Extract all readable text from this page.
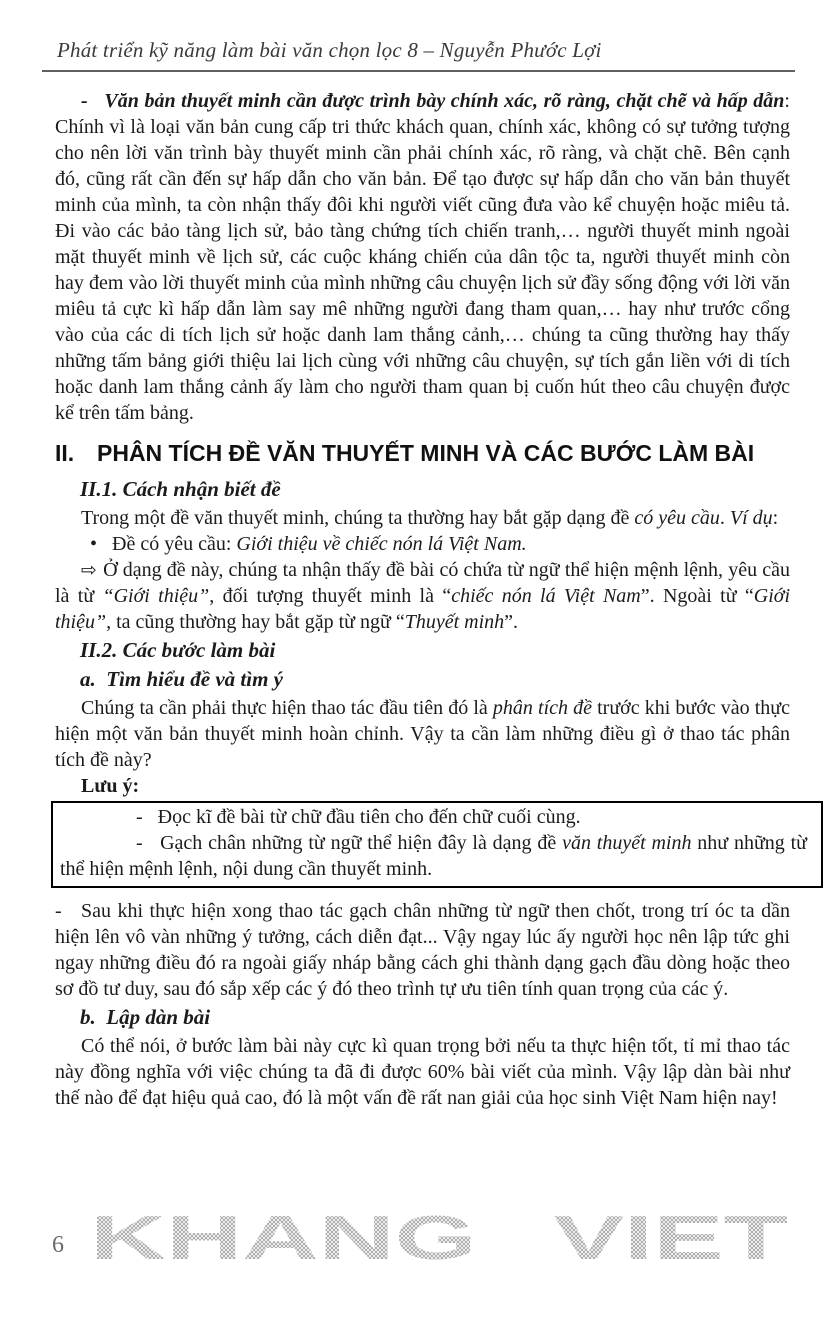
Phát triển kỹ năng làm bài văn chọn lọc 8 – Nguyễn Phước Lợi

-   Văn bản thuyết minh cần được trình bày chính xác, rõ ràng, chặt chẽ và hấp dẫn: Chính vì là loại văn bản cung cấp tri thức khách quan, chính xác, không có sự tưởng tượng cho nên lời văn trình bày thuyết minh cần phải chính xác, rõ ràng, và chặt chẽ. Bên cạnh đó, cũng rất cần đến sự hấp dẫn cho văn bản. Để tạo được sự hấp dẫn cho văn bản thuyết minh của mình, ta còn nhận thấy đôi khi người viết cũng đưa vào kể chuyện hoặc miêu tả. Đi vào các bảo tàng lịch sử, bảo tàng chứng tích chiến tranh,… người thuyết minh ngoài mặt thuyết minh về lịch sử, các cuộc kháng chiến của dân tộc ta, người thuyết minh còn hay đem vào lời thuyết minh của mình những câu chuyện lịch sử đầy sống động với lời văn miêu tả cực kì hấp dẫn làm say mê những người đang tham quan,… hay như trước cổng vào của các di tích lịch sử hoặc danh lam thắng cảnh,… chúng ta cũng thường hay thấy những tấm bảng giới thiệu lai lịch cùng với những câu chuyện, sự tích gắn liền với di tích hoặc danh lam thắng cảnh ấy làm cho người tham quan bị cuốn hút theo câu chuyện được kể trên tấm bảng.

II. PHÂN TÍCH ĐỀ VĂN THUYẾT MINH VÀ CÁC BƯỚC LÀM BÀI
II.1. Cách nhận biết đề

Trong một đề văn thuyết minh, chúng ta thường hay bắt gặp dạng đề có yêu cầu. Ví dụ:

•   Đề có yêu cầu: Giới thiệu về chiếc nón lá Việt Nam.

⇨ Ở dạng đề này, chúng ta nhận thấy đề bài có chứa từ ngữ thể hiện mệnh lệnh, yêu cầu là từ “Giới thiệu”, đối tượng thuyết minh là “chiếc nón lá Việt Nam”. Ngoài từ “Giới thiệu”, ta cũng thường hay bắt gặp từ ngữ “Thuyết minh”.

II.2. Các bước làm bài
a.  Tìm hiểu đề và tìm ý

Chúng ta cần phải thực hiện thao tác đầu tiên đó là phân tích đề trước khi bước vào thực hiện một văn bản thuyết minh hoàn chỉnh. Vậy ta cần làm những điều gì ở thao tác phân tích đề này?

Lưu ý:

-   Đọc kĩ đề bài từ chữ đầu tiên cho đến chữ cuối cùng.

-   Gạch chân những từ ngữ thể hiện đây là dạng đề văn thuyết minh như những từ thể hiện mệnh lệnh, nội dung cần thuyết minh.

-   Sau khi thực hiện xong thao tác gạch chân những từ ngữ then chốt, trong trí óc ta dần hiện lên vô vàn những ý tưởng, cách diễn đạt... Vậy ngay lúc ấy người học nên lập tức ghi ngay những điều đó ra ngoài giấy nháp bằng cách ghi thành dạng gạch đầu dòng hoặc theo sơ đồ tư duy, sau đó sắp xếp các ý đó theo trình tự ưu tiên tính quan trọng của các ý.

b.  Lập dàn bài

Có thể nói, ở bước làm bài này cực kì quan trọng bởi nếu ta thực hiện tốt, tỉ mỉ thao tác này đồng nghĩa với việc chúng ta đã đi được 60% bài viết của mình. Vậy lập dàn bài như thế nào để đạt hiệu quả cao, đó là một vấn đề rất nan giải của học sinh Việt Nam hiện nay!

6 KHANG VIET
